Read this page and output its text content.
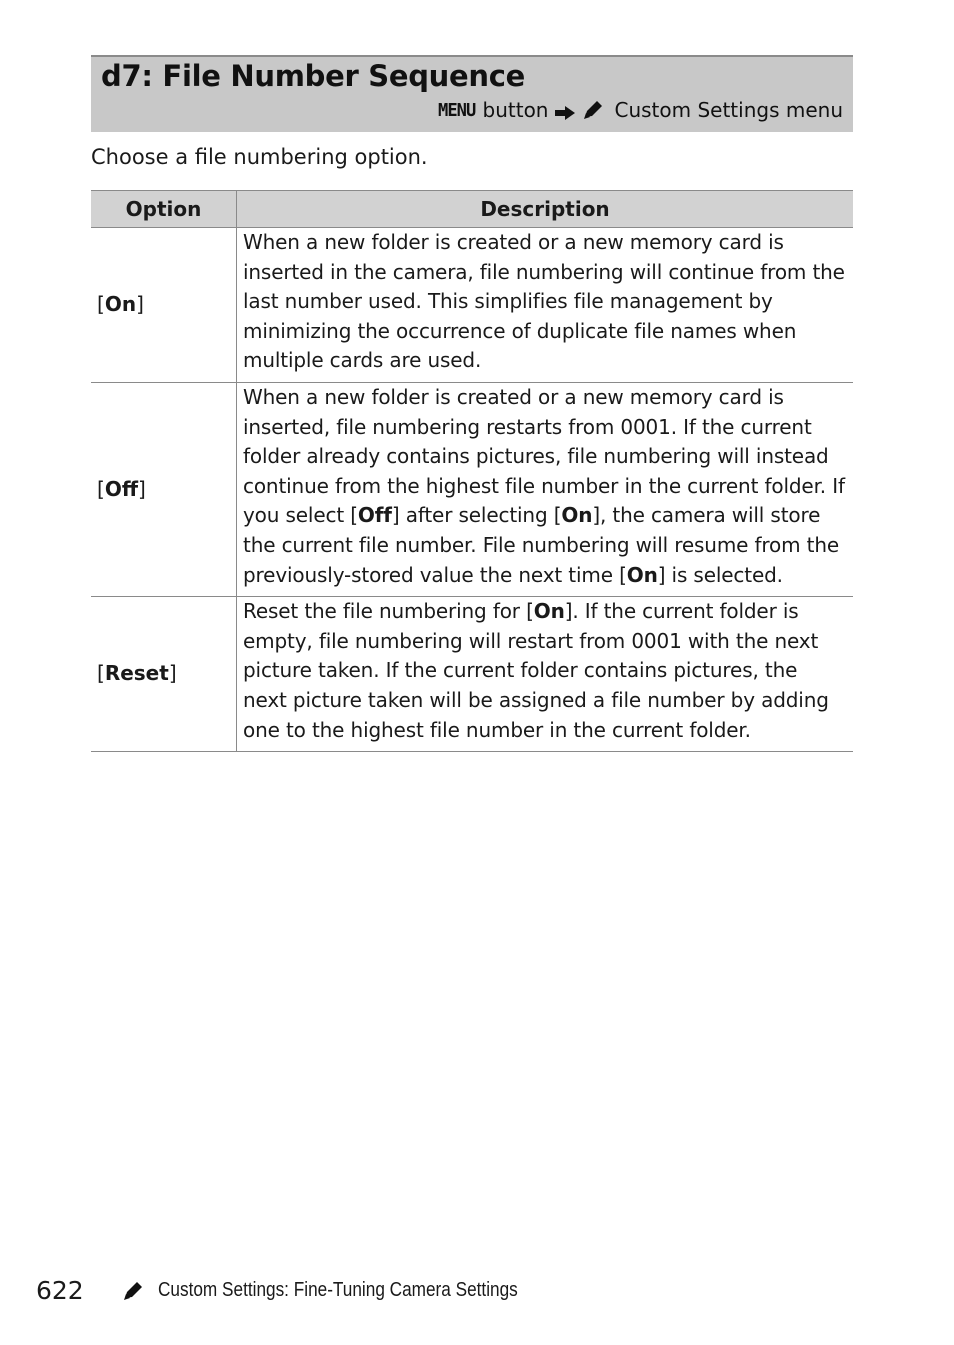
d7: File Number Sequence
MENU button	Custom Settings menu
Choose a file numbering option.
Option	Description
[On]	When a new folder is created or a new memory card is inserted in the camera, file numbering will continue from the last number used. This simplifies file management by minimizing the occurrence of duplicate file names when multiple cards are used.
[Off]	When a new folder is created or a new memory card is inserted, file numbering restarts from 0001. If the current folder already contains pictures, file numbering will instead continue from the highest file number in the current folder. If you select [Off] after selecting [On], the camera will store the current file number. File numbering will resume from the previously-stored value the next time [On] is selected.
[Reset]	Reset the file numbering for [On]. If the current folder is empty, file numbering will restart from 0001 with the next picture taken. If the current folder contains pictures, the next picture taken will be assigned a file number by adding one to the highest file number in the current folder.
622	Custom Settings: Fine-Tuning Camera Settings
